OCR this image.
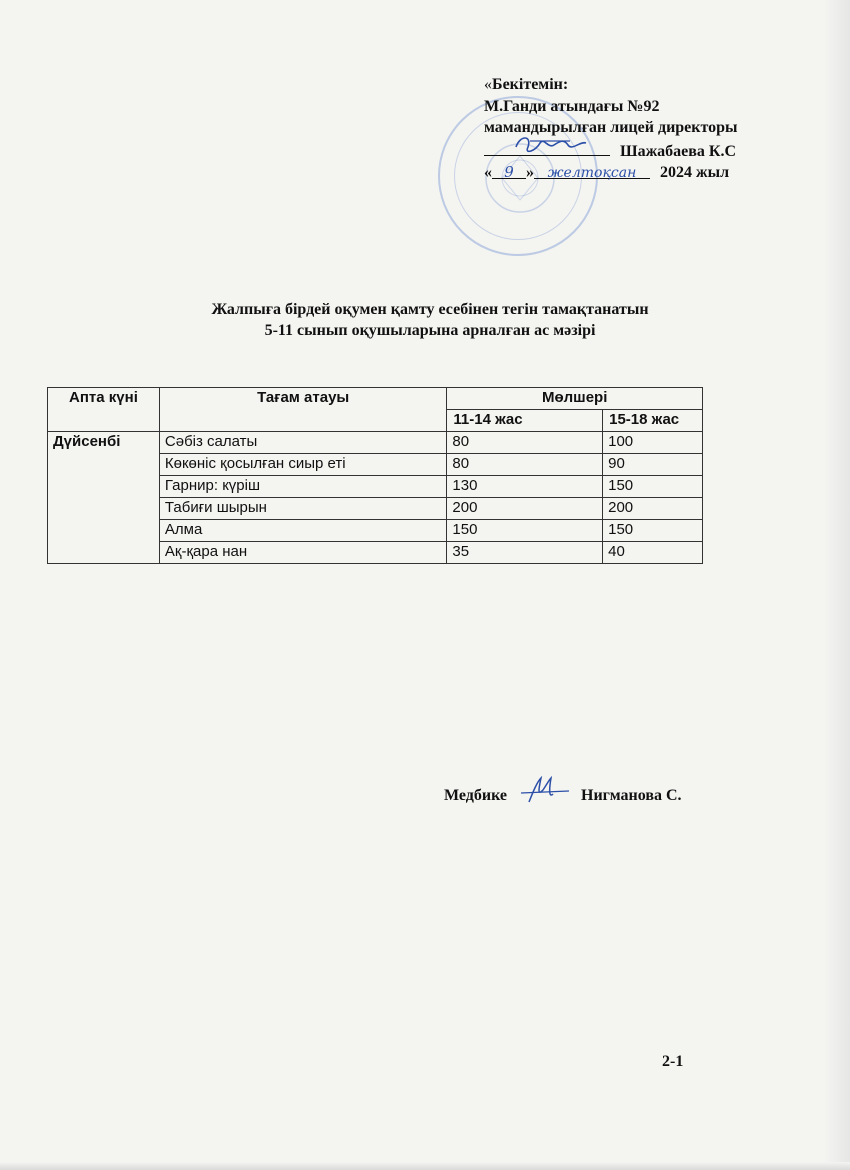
«Бекітемін:
М.Ганди атындағы №92
мамандырылған лицей директоры
Шажабаева К.С
« 9 » желтоқсан 2024 жыл
Жалпыға бірдей оқумен қамту есебінен тегін тамақтанатын
5-11 сынып оқушыларына арналған ас мәзірі
Апта күні	Тағам атауы	Мөлшері	
		11-14 жас	15-18 жас
Дүйсенбі	Сәбіз салаты	80	100
	Көкөніс қосылған сиыр еті	80	90
	Гарнир: күріш	130	150
	Табиғи шырын	200	200
	Алма	150	150
	Ақ-қара нан	35	40
Медбике	Нигманова С.
2-1
